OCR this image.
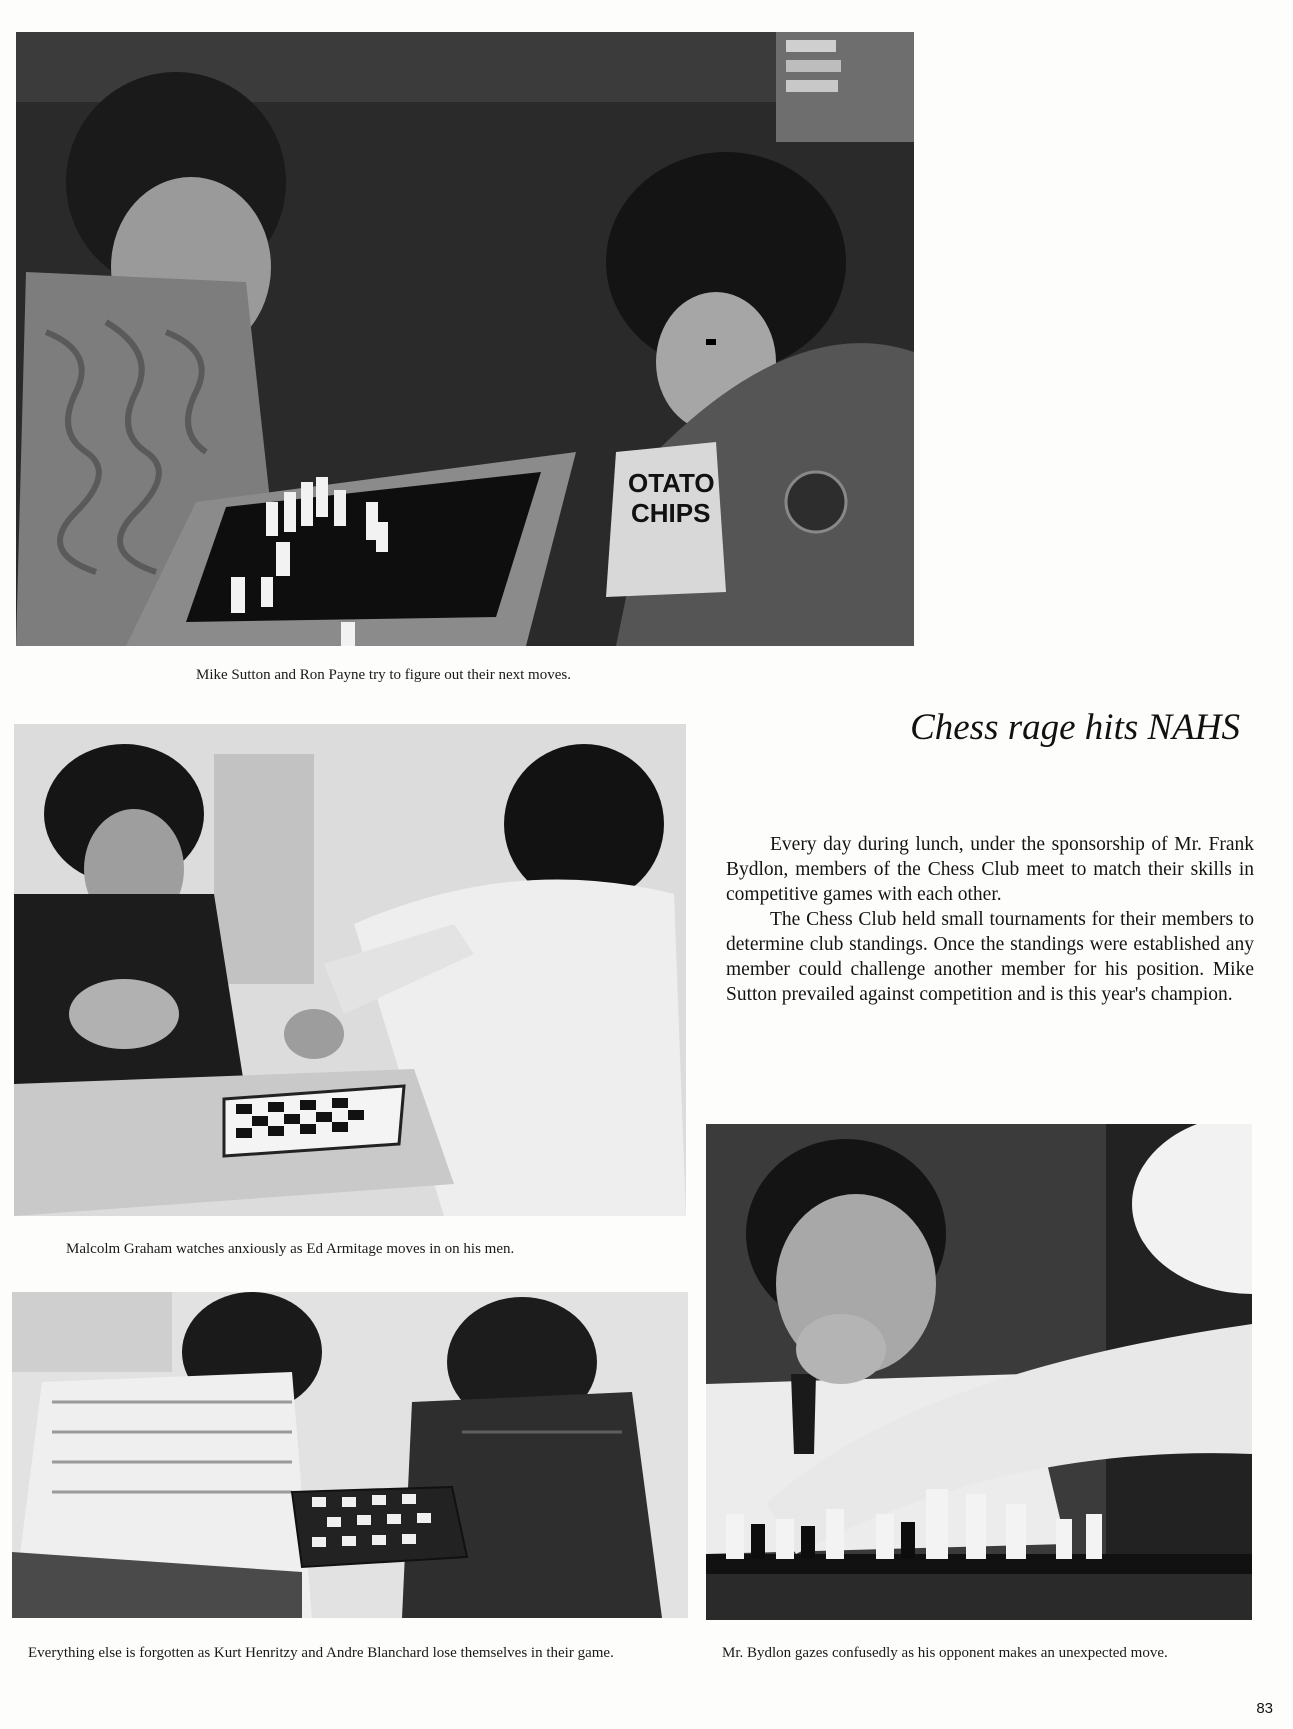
OTATO
CHIPS
Mike Sutton and Ron Payne try to figure out their next moves.
Chess rage hits NAHS

Every day during lunch, under the sponsorship of Mr. Frank Bydlon, members of the Chess Club meet to match their skills in competitive games with each other.

The Chess Club held small tournaments for their members to determine club standings. Once the standings were established any member could challenge another member for his position. Mike Sutton prevailed against competition and is this year's champion.

Malcolm Graham watches anxiously as Ed Armitage moves in on his men.
Everything else is forgotten as Kurt Henritzy and Andre Blanchard lose themselves in their game.	Mr. Bydlon gazes confusedly as his opponent makes an unexpected move.
83
